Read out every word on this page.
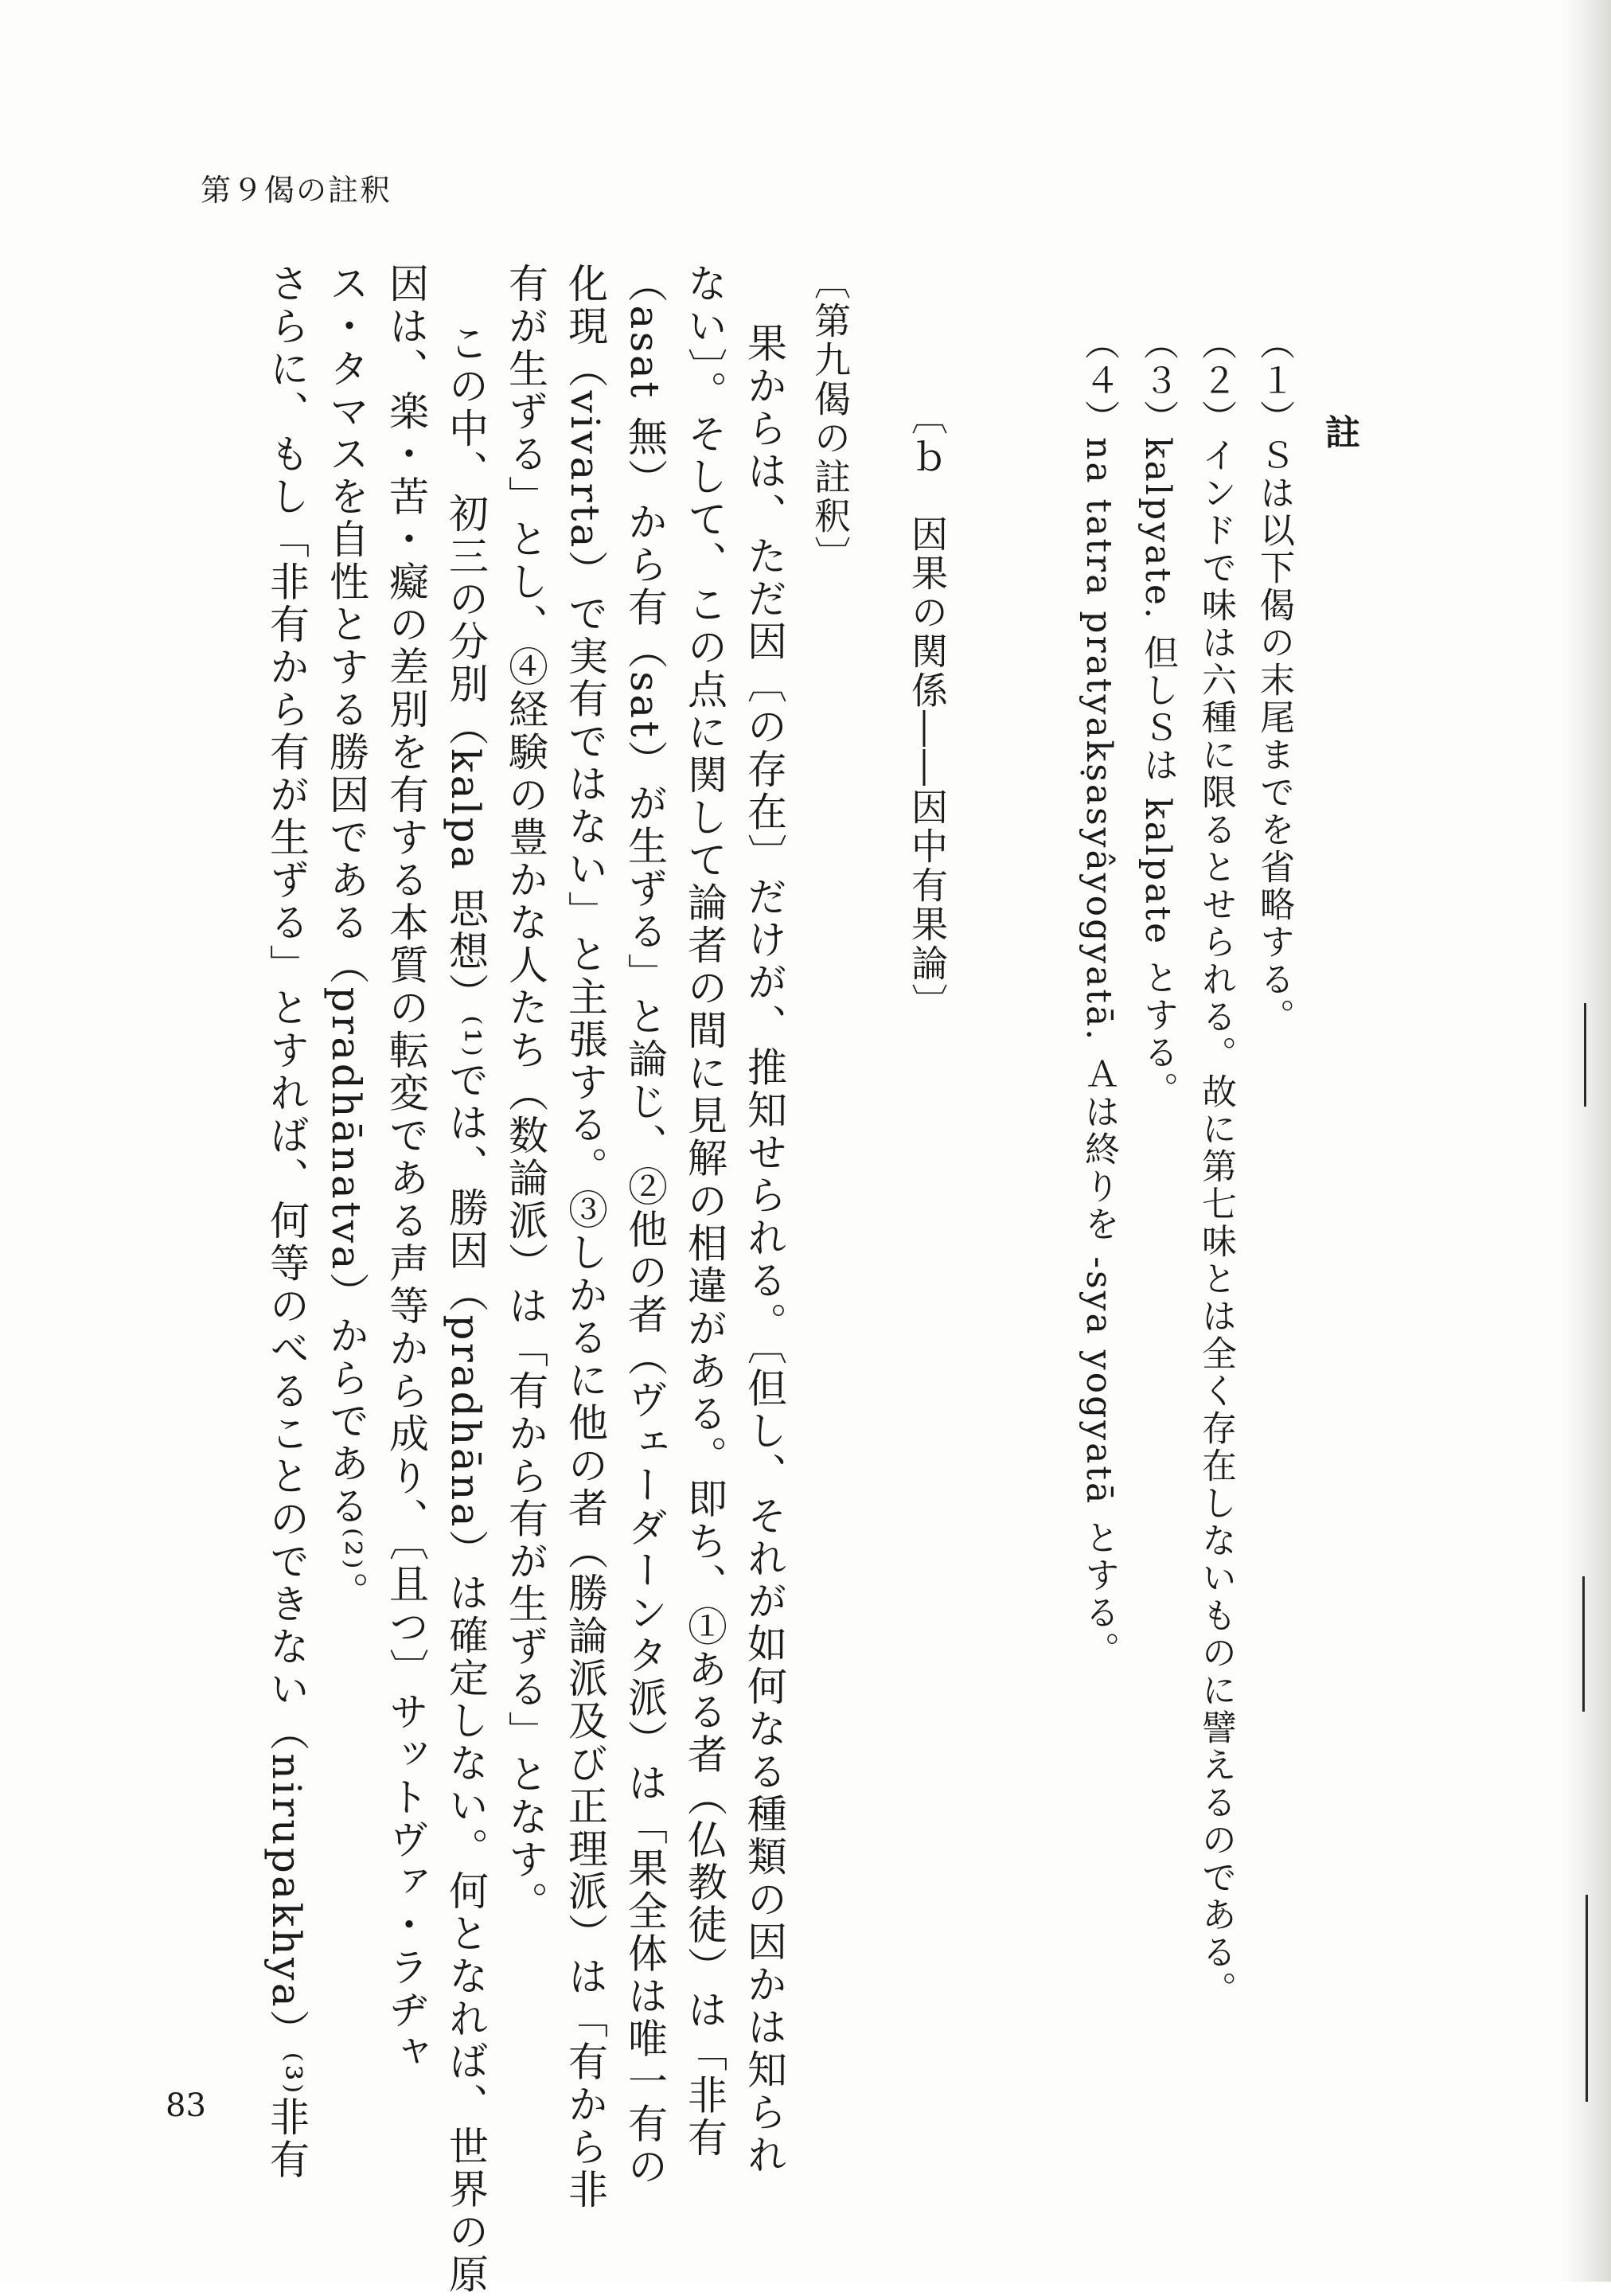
第９偈の註釈
註
（１）Ｓは以下偈の末尾までを省略する。
（２）インドで味は六種に限るとせられる。故に第七味とは全く存在しないものに譬えるのである。
（３）kalpyate. 但しＳは kalpate とする。
（４）na tatra pratyakṣasyâyogyatā. Ａは終りを -sya yogyatā とする。
〔ｂ　因果の関係――因中有果論〕
〔第九偈の註釈〕
果からは、ただ因〔の存在〕だけが、推知せられる。〔但し、それが如何なる種類の因かは知られ
ない〕。そして、この点に関して論者の間に見解の相違がある。即ち、①ある者（仏教徒）は「非有
（asat 無）から有（sat）が生ずる」と論じ、②他の者（ヴェーダーンタ派）は「果全体は唯一有の
化現（vivarta）で実有ではない」と主張する。③しかるに他の者（勝論派及び正理派）は「有から非
有が生ずる」とし、④経験の豊かな人たち（数論派）は「有から有が生ずる」となす。
この中、初三の分別（kalpa 思想）⁽¹⁾では、勝因（pradhāna）は確定しない。何となれば、世界の原
因は、楽・苦・癡の差別を有する本質の転変である声等から成り、〔且つ〕サットヴァ・ラヂャ
ス・タマスを自性とする勝因である（pradhānatva）からである⁽²⁾。
さらに、もし「非有から有が生ずる」とすれば、何等のべることのできない（nirupakhya）⁽³⁾非有
83
